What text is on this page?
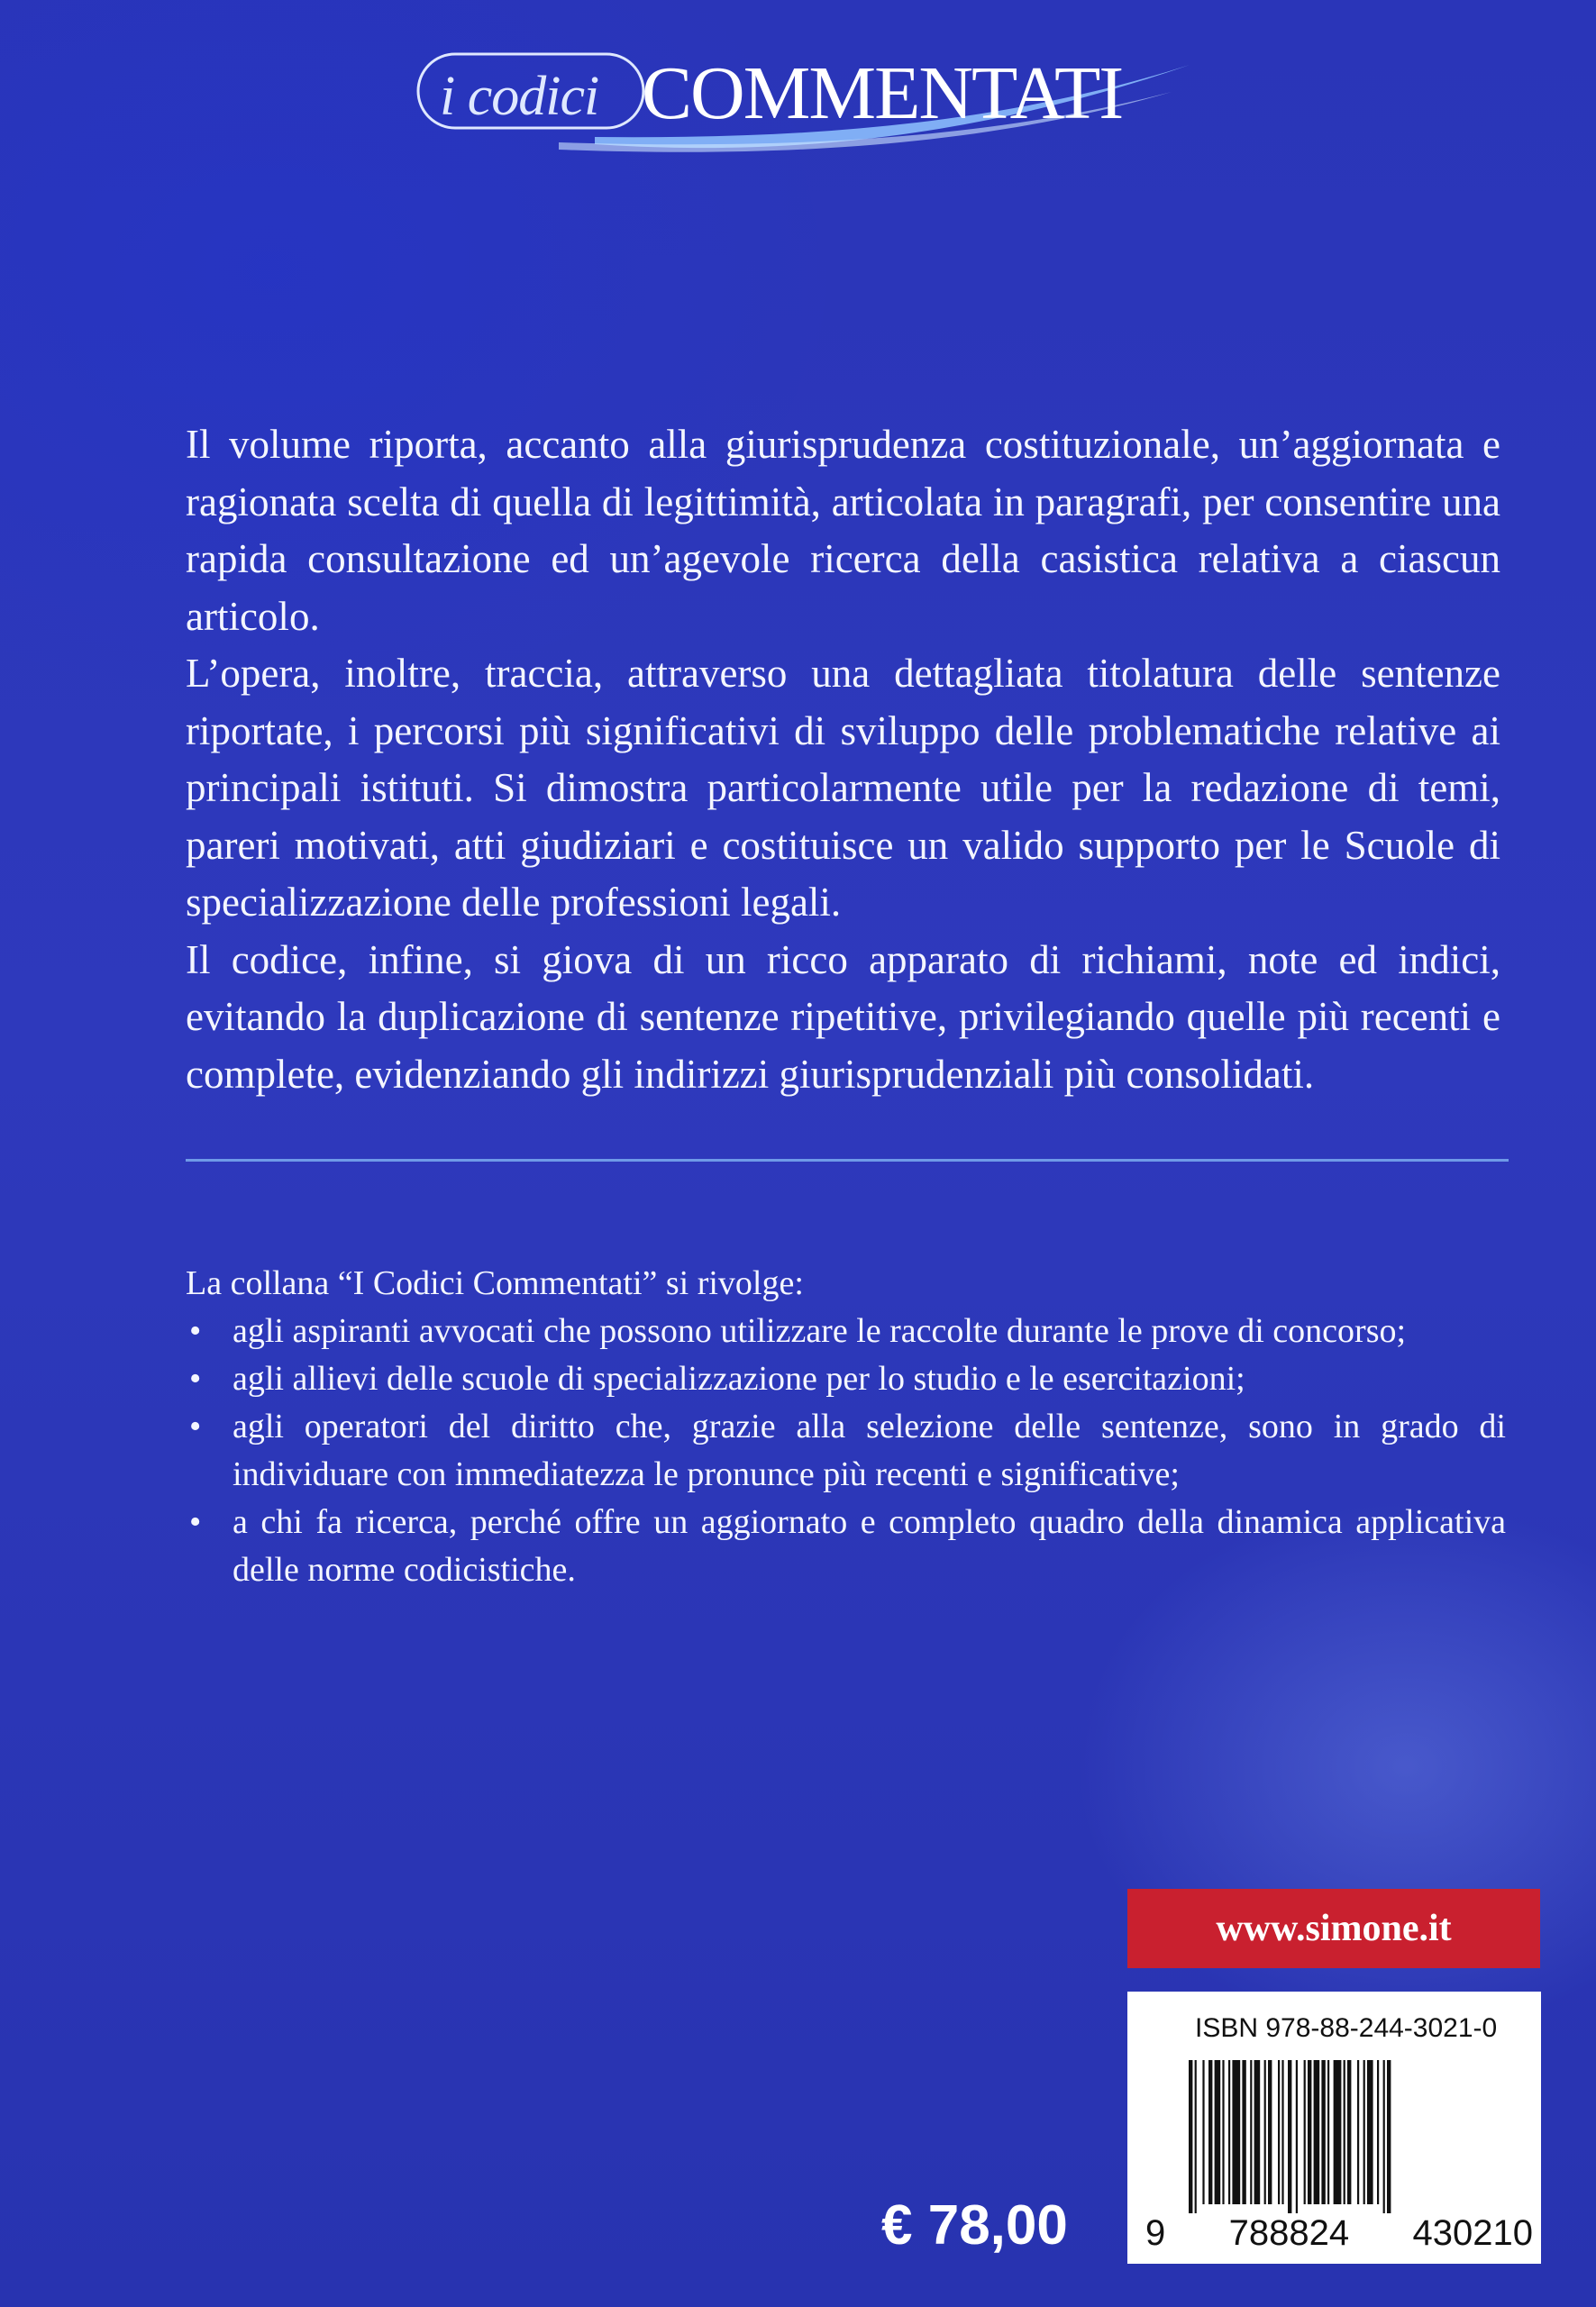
i codici COMMENTATI

Il volume riporta, accanto alla giurisprudenza costituzionale, un’aggiornata e ragionata scelta di quella di legittimità, articolata in paragrafi, per consentire una rapida consultazione ed un’agevole ricerca della casistica relativa a ciascun articolo.

L’opera, inoltre, traccia, attraverso una dettagliata titolatura delle sentenze riportate, i percorsi più significativi di sviluppo delle problematiche relative ai principali istituti. Si dimostra particolarmente utile per la redazione di temi, pareri motivati, atti giudiziari e costituisce un valido supporto per le Scuole di specializzazione delle professioni legali.

Il codice, infine, si giova di un ricco apparato di richiami, note ed indici, evitando la duplicazione di sentenze ripetitive, privilegiando quelle più recenti e complete, evidenziando gli indirizzi giurisprudenziali più consolidati.

La collana “I Codici Commentati” si rivolge:

• agli aspiranti avvocati che possono utilizzare le raccolte durante le prove di concorso;
• agli allievi delle scuole di specializzazione per lo studio e le esercitazioni;
• agli operatori del diritto che, grazie alla selezione delle sentenze, sono in grado di individuare con immediatezza le pronunce più recenti e significative;
• a chi fa ricerca, perché offre un aggiornato e completo quadro della dinamica applicativa delle norme codicistiche.
www.simone.it
ISBN 978-88-244-3021-0
9 788824 430210
€ 78,00
